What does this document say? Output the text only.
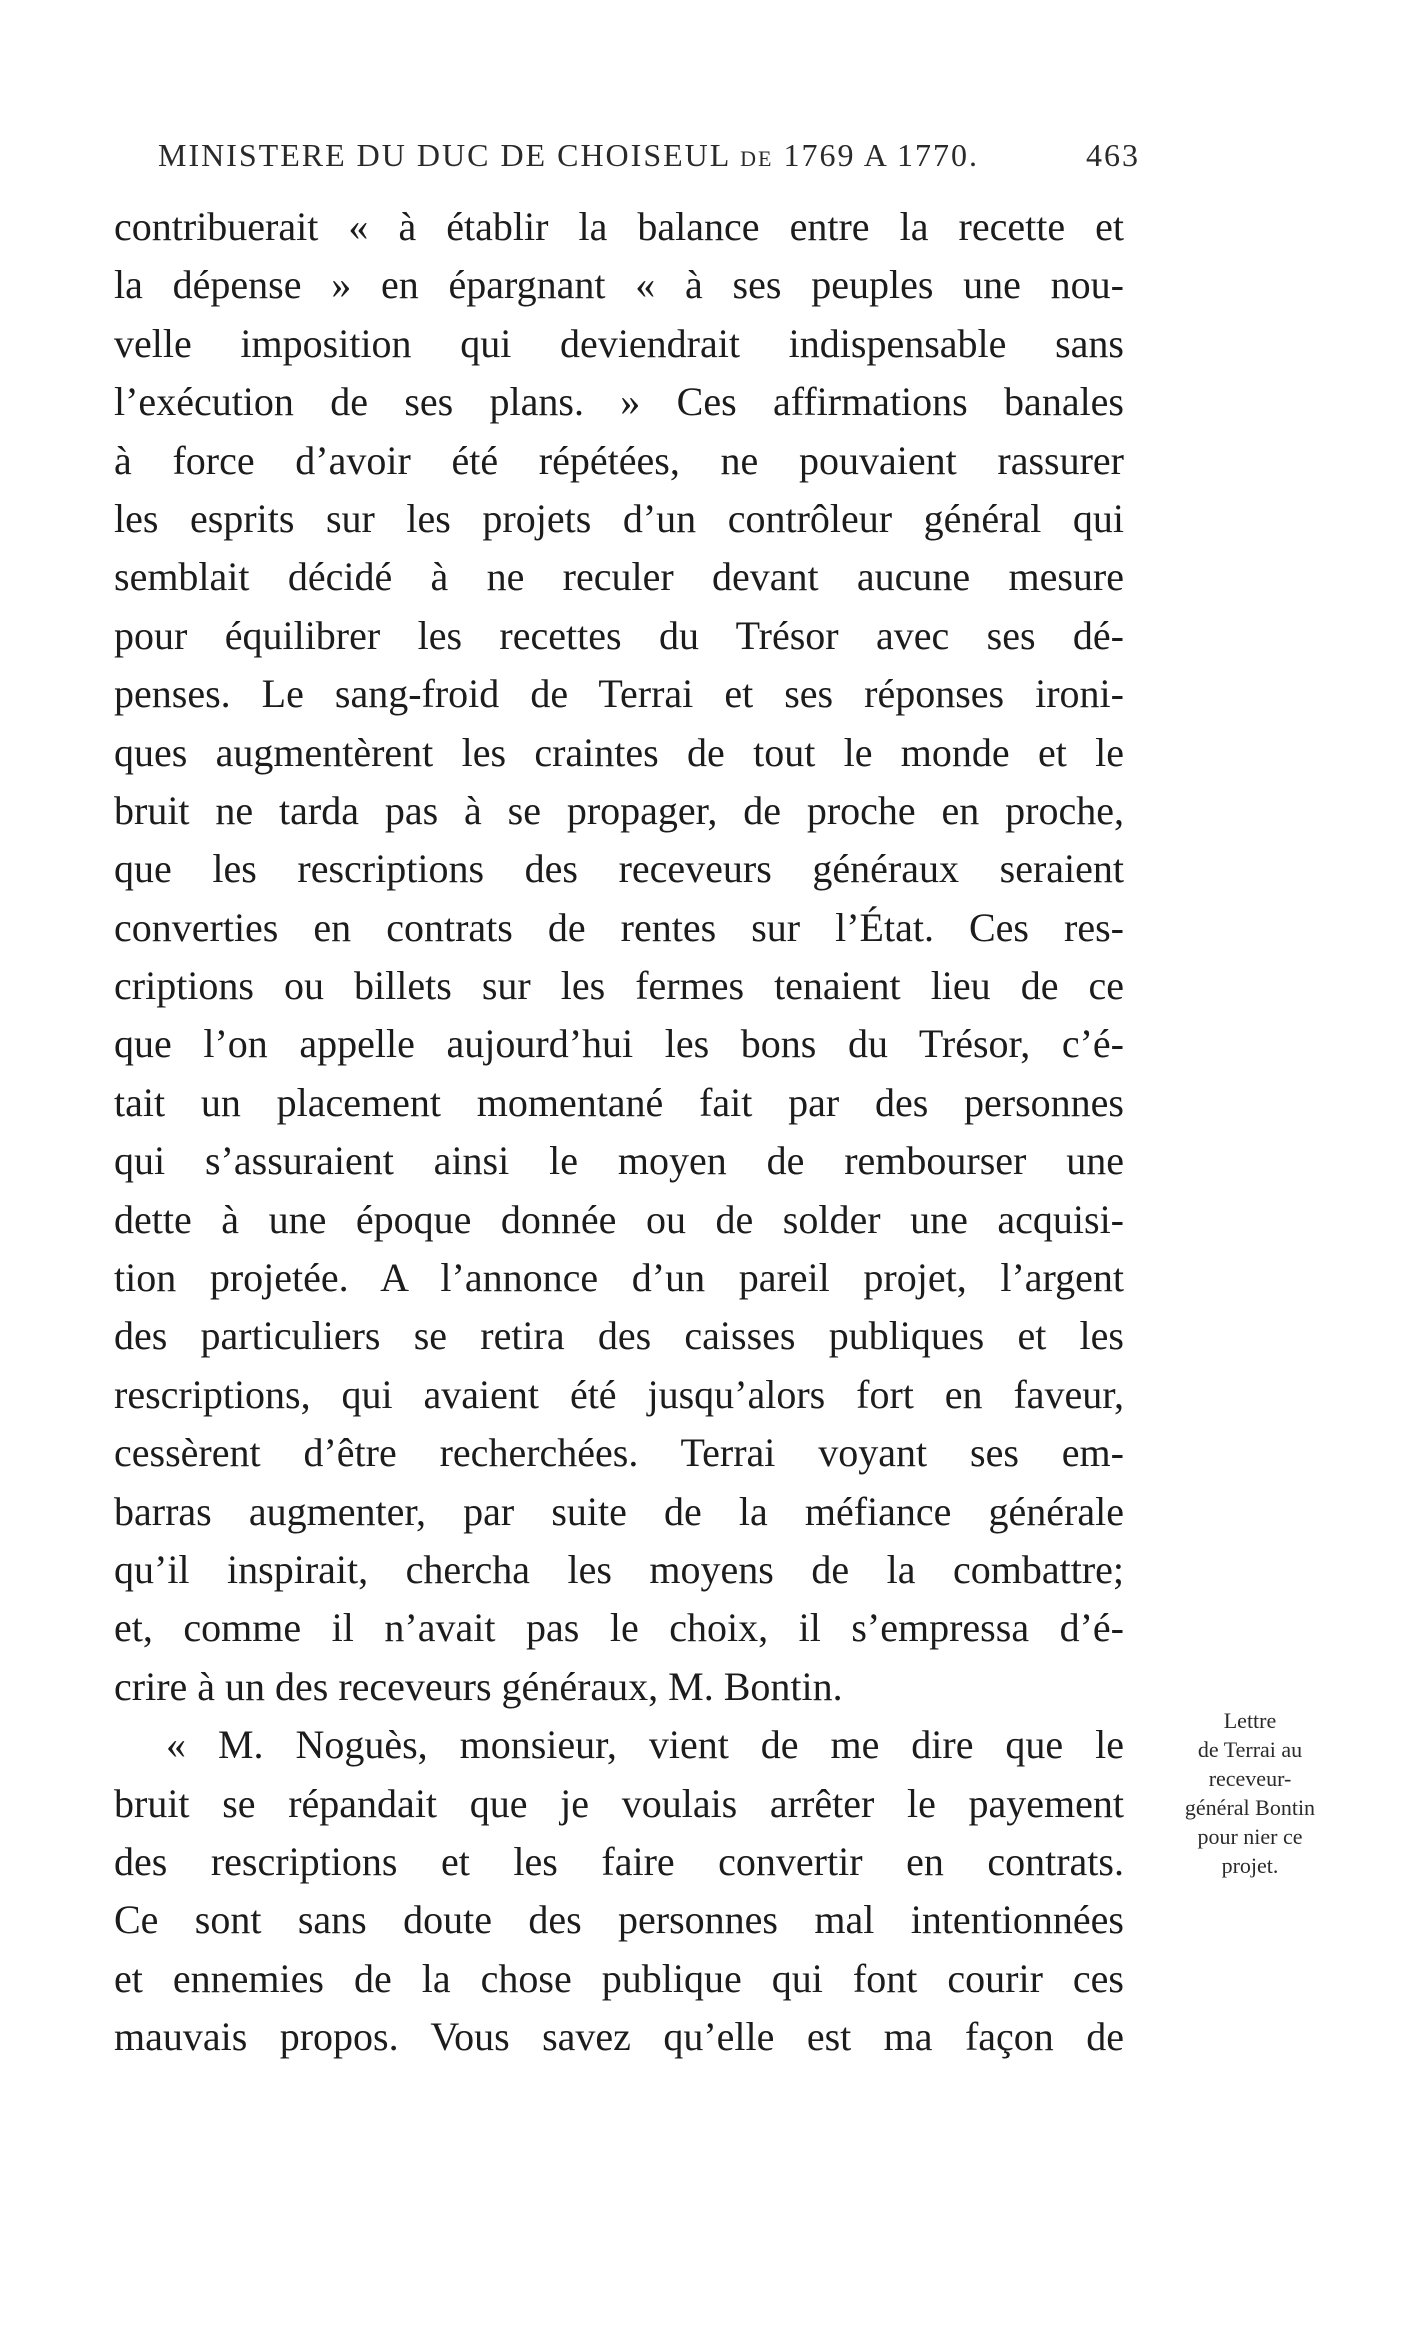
MINISTERE DU DUC DE CHOISEUL DE 1769 A 1770.	463
contribuerait « à établir la balance entre la recette et
la dépense » en épargnant « à ses peuples une nou-
velle imposition qui deviendrait indispensable sans
l’exécution de ses plans. » Ces affirmations banales
à force d’avoir été répétées, ne pouvaient rassurer
les esprits sur les projets d’un contrôleur général qui
semblait décidé à ne reculer devant aucune mesure
pour équilibrer les recettes du Trésor avec ses dé-
penses. Le sang-froid de Terrai et ses réponses ironi-
ques augmentèrent les craintes de tout le monde et le
bruit ne tarda pas à se propager, de proche en proche,
que les rescriptions des receveurs généraux seraient
converties en contrats de rentes sur l’État. Ces res-
criptions ou billets sur les fermes tenaient lieu de ce
que l’on appelle aujourd’hui les bons du Trésor, c’é-
tait un placement momentané fait par des personnes
qui s’assuraient ainsi le moyen de rembourser une
dette à une époque donnée ou de solder une acquisi-
tion projetée. A l’annonce d’un pareil projet, l’argent
des particuliers se retira des caisses publiques et les
rescriptions, qui avaient été jusqu’alors fort en faveur,
cessèrent d’être recherchées. Terrai voyant ses em-
barras augmenter, par suite de la méfiance générale
qu’il inspirait, chercha les moyens de la combattre;
et, comme il n’avait pas le choix, il s’empressa d’é-
crire à un des receveurs généraux, M. Bontin.
« M. Noguès, monsieur, vient de me dire que le
bruit se répandait que je voulais arrêter le payement
des rescriptions et les faire convertir en contrats.
Ce sont sans doute des personnes mal intentionnées
et ennemies de la chose publique qui font courir ces
mauvais propos. Vous savez qu’elle est ma façon de
Lettre
de Terrai au
receveur-
général Bontin
pour nier ce
projet.
